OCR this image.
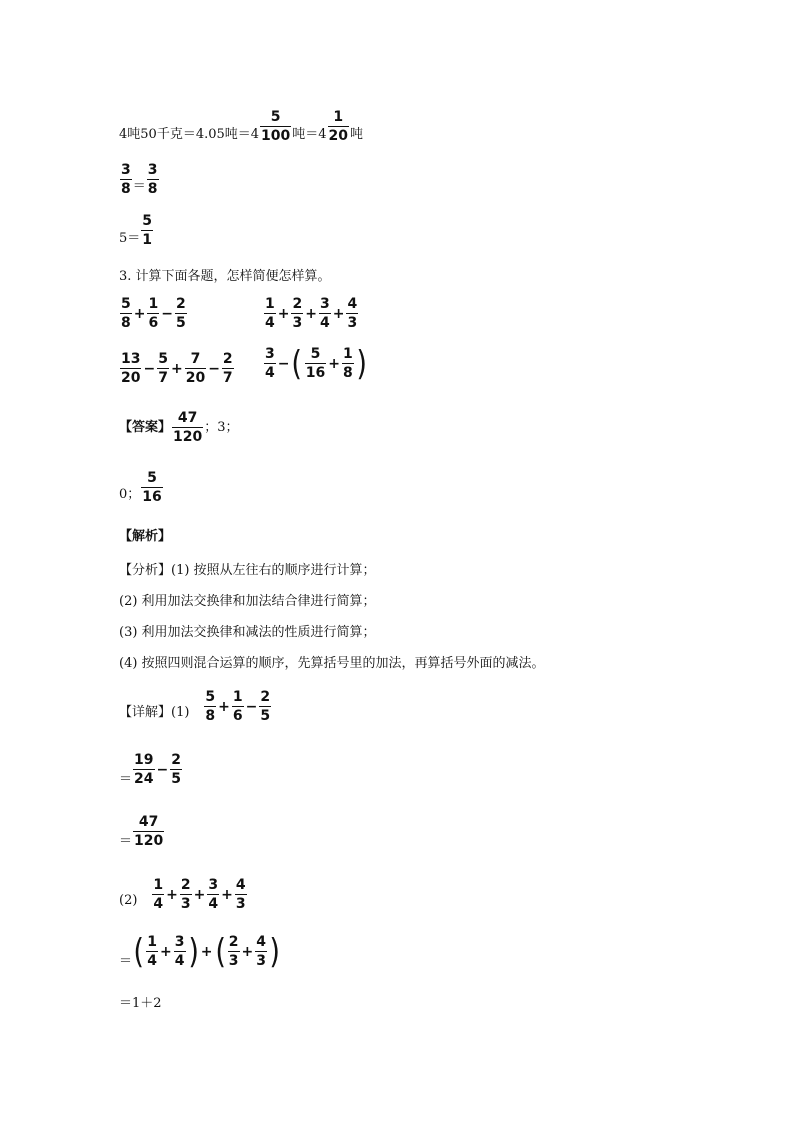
4吨50千克＝4.05吨$=4 \frac{5}{100}$ 吨$=4 \frac{1}{20}$ 吨
$\frac{3}{8} = \frac{3}{8}$
$5= \frac{5}{1}$
3. 计算下面各题，怎样简便怎样算。
$\frac{5}{8} + \frac{1}{6} - \frac{2}{5}$	$\frac{1}{4} + \frac{2}{3} + \frac{3}{4} + \frac{4}{3}$
$\frac{13}{20} - \frac{5}{7} + \frac{7}{20} - \frac{2}{7} \frac{3}{4}$ − ( $\frac{5}{16} + \frac{1}{8}$ )
【答案】 $\frac{47}{120}$ ；3；
0； $\frac{5}{16}$
【解析】
【分析】(1) 按照从左往右的顺序进行计算；
(2) 利用加法交换律和加法结合律进行简算；
(3) 利用加法交换律和减法的性质进行简算；
(4) 按照四则混合运算的顺序，先算括号里的加法，再算括号外面的减法。
【详解】$(1) \frac{5}{8} + \frac{1}{6} - \frac{2}{5}$
＝ $\frac{19}{24} - \frac{2}{5}$
＝ $\frac{47}{120}$
$(2) \frac{1}{4} + \frac{2}{3} + \frac{3}{4} + \frac{4}{3}$
＝ ( $\frac{1}{4} + \frac{3}{4}$ ) + ( $\frac{2}{3} + \frac{4}{3}$ )
＝1＋2
